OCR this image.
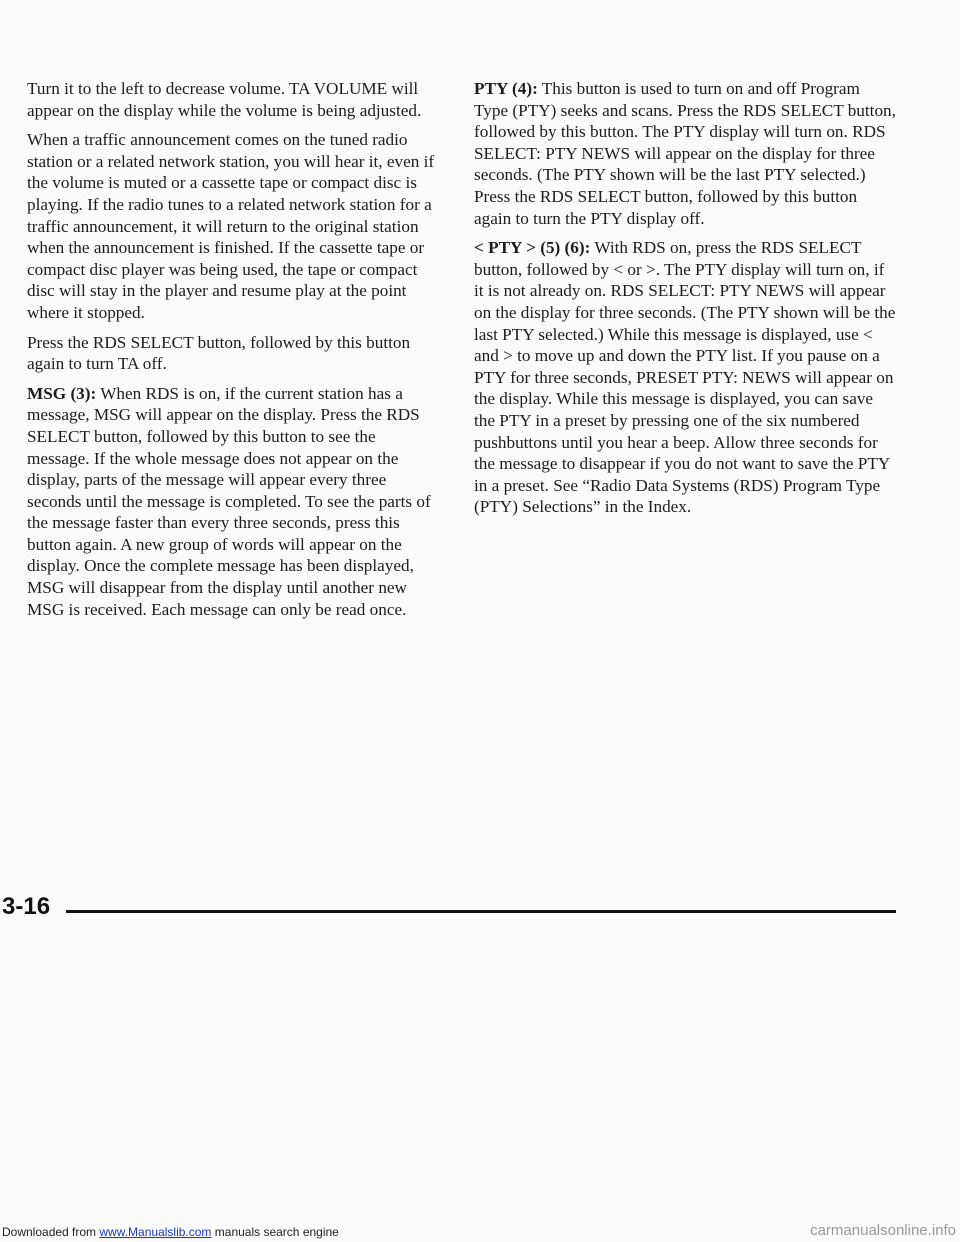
Turn it to the left to decrease volume. TA VOLUME will appear on the display while the volume is being adjusted.

When a traffic announcement comes on the tuned radio station or a related network station, you will hear it, even if the volume is muted or a cassette tape or compact disc is playing. If the radio tunes to a related network station for a traffic announcement, it will return to the original station when the announcement is finished. If the cassette tape or compact disc player was being used, the tape or compact disc will stay in the player and resume play at the point where it stopped.

Press the RDS SELECT button, followed by this button again to turn TA off.

MSG (3): When RDS is on, if the current station has a message, MSG will appear on the display. Press the RDS SELECT button, followed by this button to see the message. If the whole message does not appear on the display, parts of the message will appear every three seconds until the message is completed. To see the parts of the message faster than every three seconds, press this button again. A new group of words will appear on the display. Once the complete message has been displayed, MSG will disappear from the display until another new MSG is received. Each message can only be read once.

PTY (4): This button is used to turn on and off Program Type (PTY) seeks and scans. Press the RDS SELECT button, followed by this button. The PTY display will turn on. RDS SELECT: PTY NEWS will appear on the display for three seconds. (The PTY shown will be the last PTY selected.) Press the RDS SELECT button, followed by this button again to turn the PTY display off.

< PTY > (5) (6): With RDS on, press the RDS SELECT button, followed by < or >. The PTY display will turn on, if it is not already on. RDS SELECT: PTY NEWS will appear on the display for three seconds. (The PTY shown will be the last PTY selected.) While this message is displayed, use < and > to move up and down the PTY list. If you pause on a PTY for three seconds, PRESET PTY: NEWS will appear on the display. While this message is displayed, you can save the PTY in a preset by pressing one of the six numbered pushbuttons until you hear a beep. Allow three seconds for the message to disappear if you do not want to save the PTY in a preset. See “Radio Data Systems (RDS) Program Type (PTY) Selections” in the Index.

3-16
Downloaded from www.Manualslib.com manuals search engine	carmanualsonline.info
